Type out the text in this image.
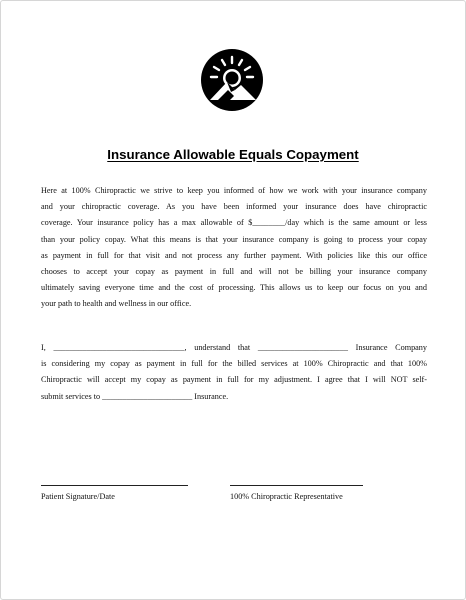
Insurance Allowable Equals Copayment
Here at 100% Chiropractic we strive to keep you informed of how we work with your insurance company
and your chiropractic coverage. As you have been informed your insurance does have chiropractic
coverage. Your insurance policy has a max allowable of $________/day which is the same amount or less
than your policy copay. What this means is that your insurance company is going to process your copay
as payment in full for that visit and not process any further payment. With policies like this our office
chooses to accept your copay as payment in full and will not be billing your insurance company
ultimately saving everyone time and the cost of processing. This allows us to keep our focus on you and
your path to health and wellness in our office.
I, ________________________________, understand that ______________________ Insurance Company
is considering my copay as payment in full for the billed services at 100% Chiropractic and that 100%
Chiropractic will accept my copay as payment in full for my adjustment. I agree that I will NOT self-
submit services to ______________________ Insurance.
Patient Signature/Date	100% Chiropractic Representative
